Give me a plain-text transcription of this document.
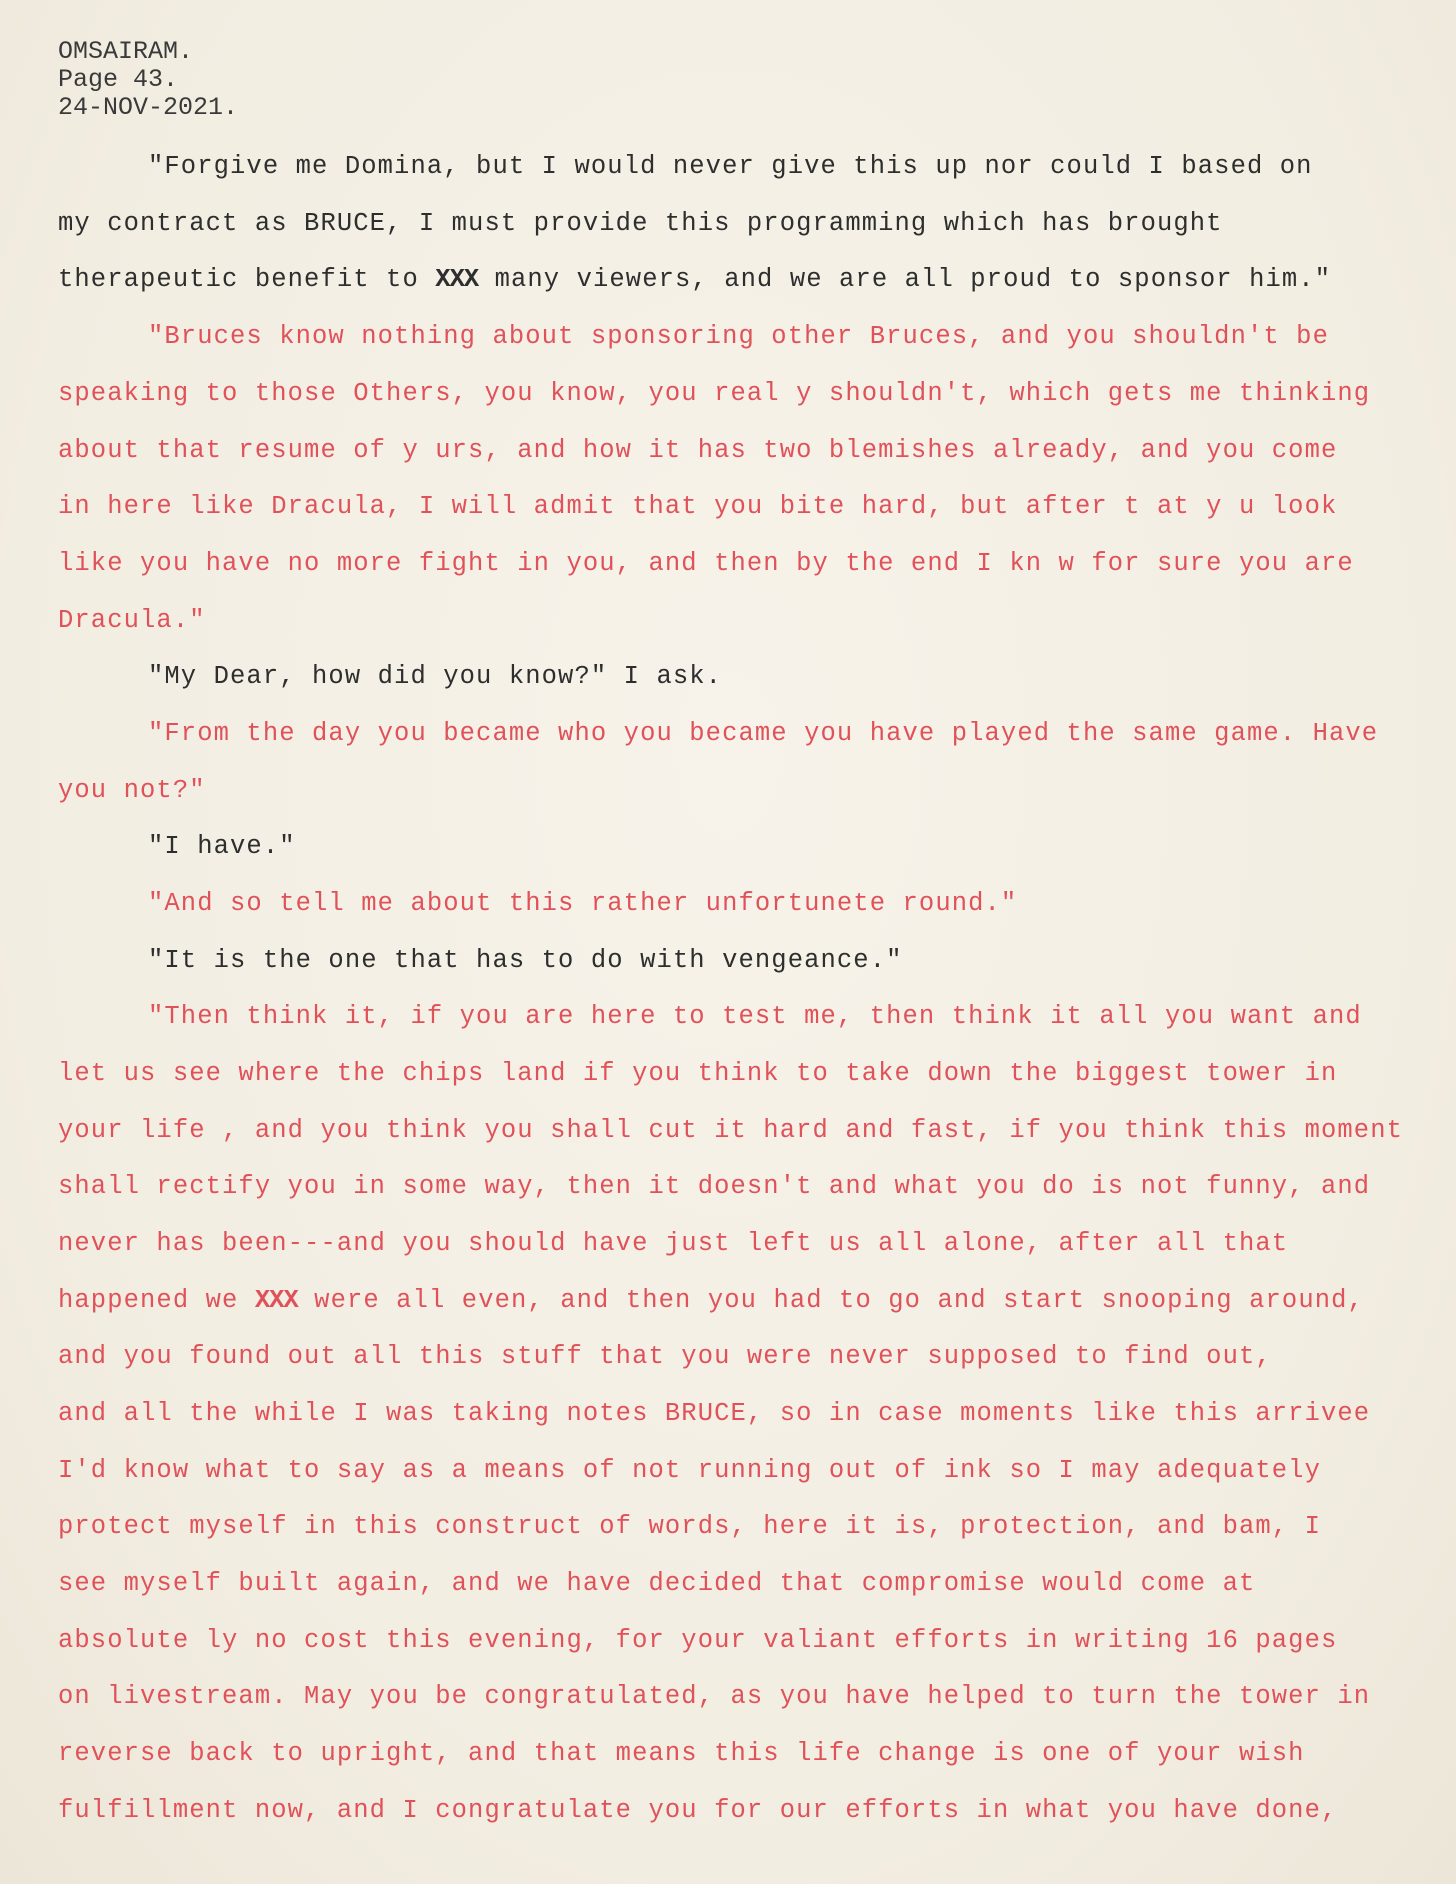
OMSAIRAM.
Page 43.
24-NOV-2021.
"Forgive me Domina, but I would never give this up nor could I based on
my contract as BRUCE, I must provide this programming which has brought
therapeutic benefit to XXX many viewers, and we are all proud to sponsor him."
"Bruces know nothing about sponsoring other Bruces, and you shouldn't be
speaking to those Others, you know, you real y shouldn't, which gets me thinking
about that resume of y urs, and how it has two blemishes already, and you come
in here like Dracula, I will admit that you bite hard, but after t at y u look
like you have no more fight in you, and then by the end I kn w for sure you are
Dracula."
"My Dear, how did you know?" I ask.
"From the day you became who you became you have played the same game. Have
you not?"
"I have."
"And so tell me about this rather unfortunete round."
"It is the one that has to do with vengeance."
"Then think it, if you are here to test me, then think it all you want and
let us see where the chips land if you think to take down the biggest tower in
your life , and you think you shall cut it hard and fast, if you think this moment
shall rectify you in some way, then it doesn't and what you do is not funny, and
never has been---and you should have just left us all alone, after all that
happened we XXX were all even, and then you had to go and start snooping around,
and you found out all this stuff that you were never supposed to find out,
and all the while I was taking notes BRUCE, so in case moments like this arrivee
I'd know what to say as a means of not running out of ink so I may adequately
protect myself in this construct of words, here it is, protection, and bam, I
see myself built again, and we have decided that compromise would come at
absolute ly no cost this evening, for your valiant efforts in writing 16 pages
on livestream. May you be congratulated, as you have helped to turn the tower in
reverse back to upright, and that means this life change is one of your wish
fulfillment now, and I congratulate you for our efforts in what you have done,
